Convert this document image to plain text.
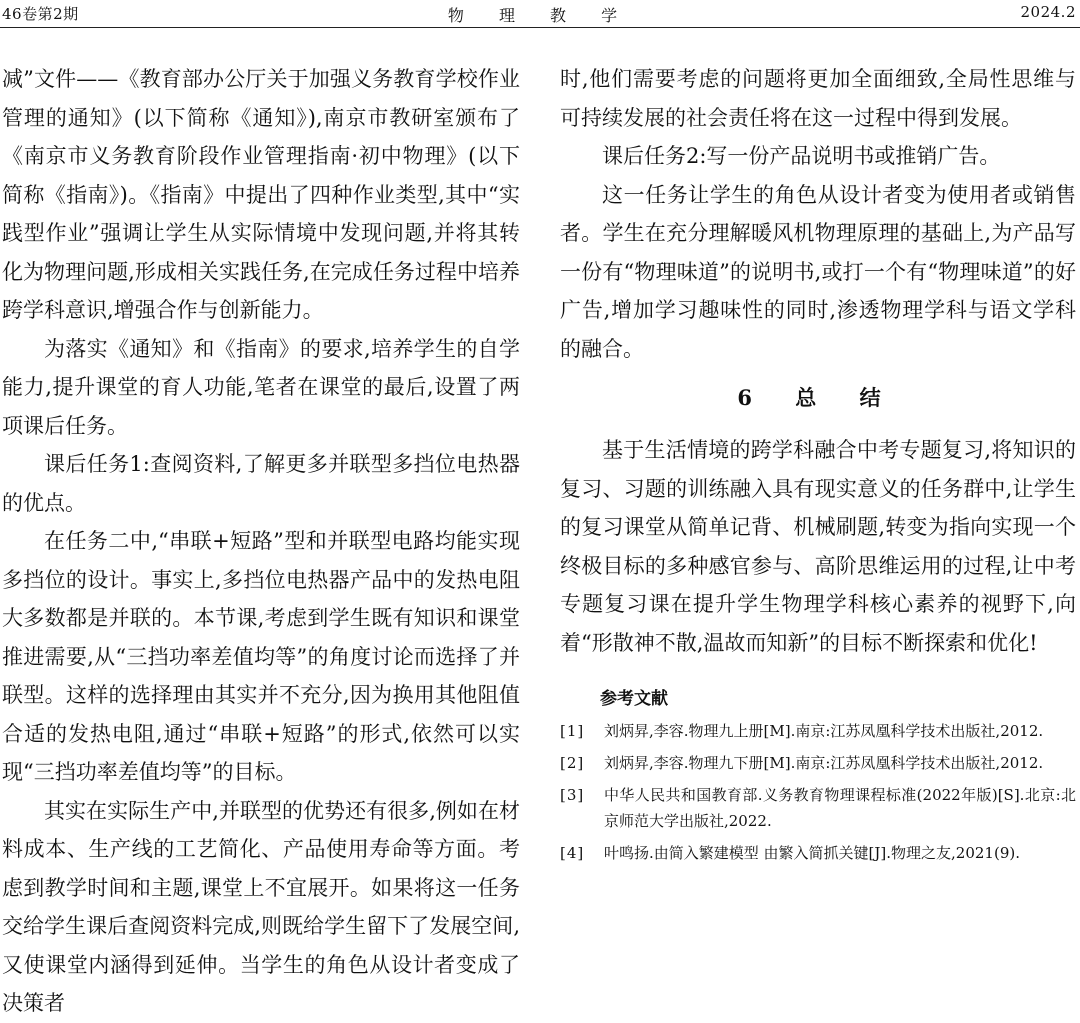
46卷第2期	物 理 教 学	2024.2

减”文件——《教育部办公厅关于加强义务教育学校作业管理的通知》(以下简称《通知》),南京市教研室颁布了《南京市义务教育阶段作业管理指南·初中物理》(以下简称《指南》)。《指南》中提出了四种作业类型,其中“实践型作业”强调让学生从实际情境中发现问题,并将其转化为物理问题,形成相关实践任务,在完成任务过程中培养跨学科意识,增强合作与创新能力。

为落实《通知》和《指南》的要求,培养学生的自学能力,提升课堂的育人功能,笔者在课堂的最后,设置了两项课后任务。

课后任务1:查阅资料,了解更多并联型多挡位电热器的优点。

在任务二中,“串联+短路”型和并联型电路均能实现多挡位的设计。事实上,多挡位电热器产品中的发热电阻大多数都是并联的。本节课,考虑到学生既有知识和课堂推进需要,从“三挡功率差值均等”的角度讨论而选择了并联型。这样的选择理由其实并不充分,因为换用其他阻值合适的发热电阻,通过“串联+短路”的形式,依然可以实现“三挡功率差值均等”的目标。

其实在实际生产中,并联型的优势还有很多,例如在材料成本、生产线的工艺简化、产品使用寿命等方面。考虑到教学时间和主题,课堂上不宜展开。如果将这一任务交给学生课后查阅资料完成,则既给学生留下了发展空间,又使课堂内涵得到延伸。当学生的角色从设计者变成了决策者

时,他们需要考虑的问题将更加全面细致,全局性思维与可持续发展的社会责任将在这一过程中得到发展。

课后任务2:写一份产品说明书或推销广告。

这一任务让学生的角色从设计者变为使用者或销售者。学生在充分理解暖风机物理原理的基础上,为产品写一份有“物理味道”的说明书,或打一个有“物理味道”的好广告,增加学习趣味性的同时,渗透物理学科与语文学科的融合。

6 总 结

基于生活情境的跨学科融合中考专题复习,将知识的复习、习题的训练融入具有现实意义的任务群中,让学生的复习课堂从简单记背、机械刷题,转变为指向实现一个终极目标的多种感官参与、高阶思维运用的过程,让中考专题复习课在提升学生物理学科核心素养的视野下,向着“形散神不散,温故而知新”的目标不断探索和优化!

参考文献
[1] 刘炳昇,李容.物理九上册[M].南京:江苏凤凰科学技术出版社,2012.
[2] 刘炳昇,李容.物理九下册[M].南京:江苏凤凰科学技术出版社,2012.
[3] 中华人民共和国教育部.义务教育物理课程标准(2022年版)[S].北京:北京师范大学出版社,2022.
[4] 叶鸣扬.由简入繁建模型 由繁入简抓关键[J].物理之友,2021(9).
